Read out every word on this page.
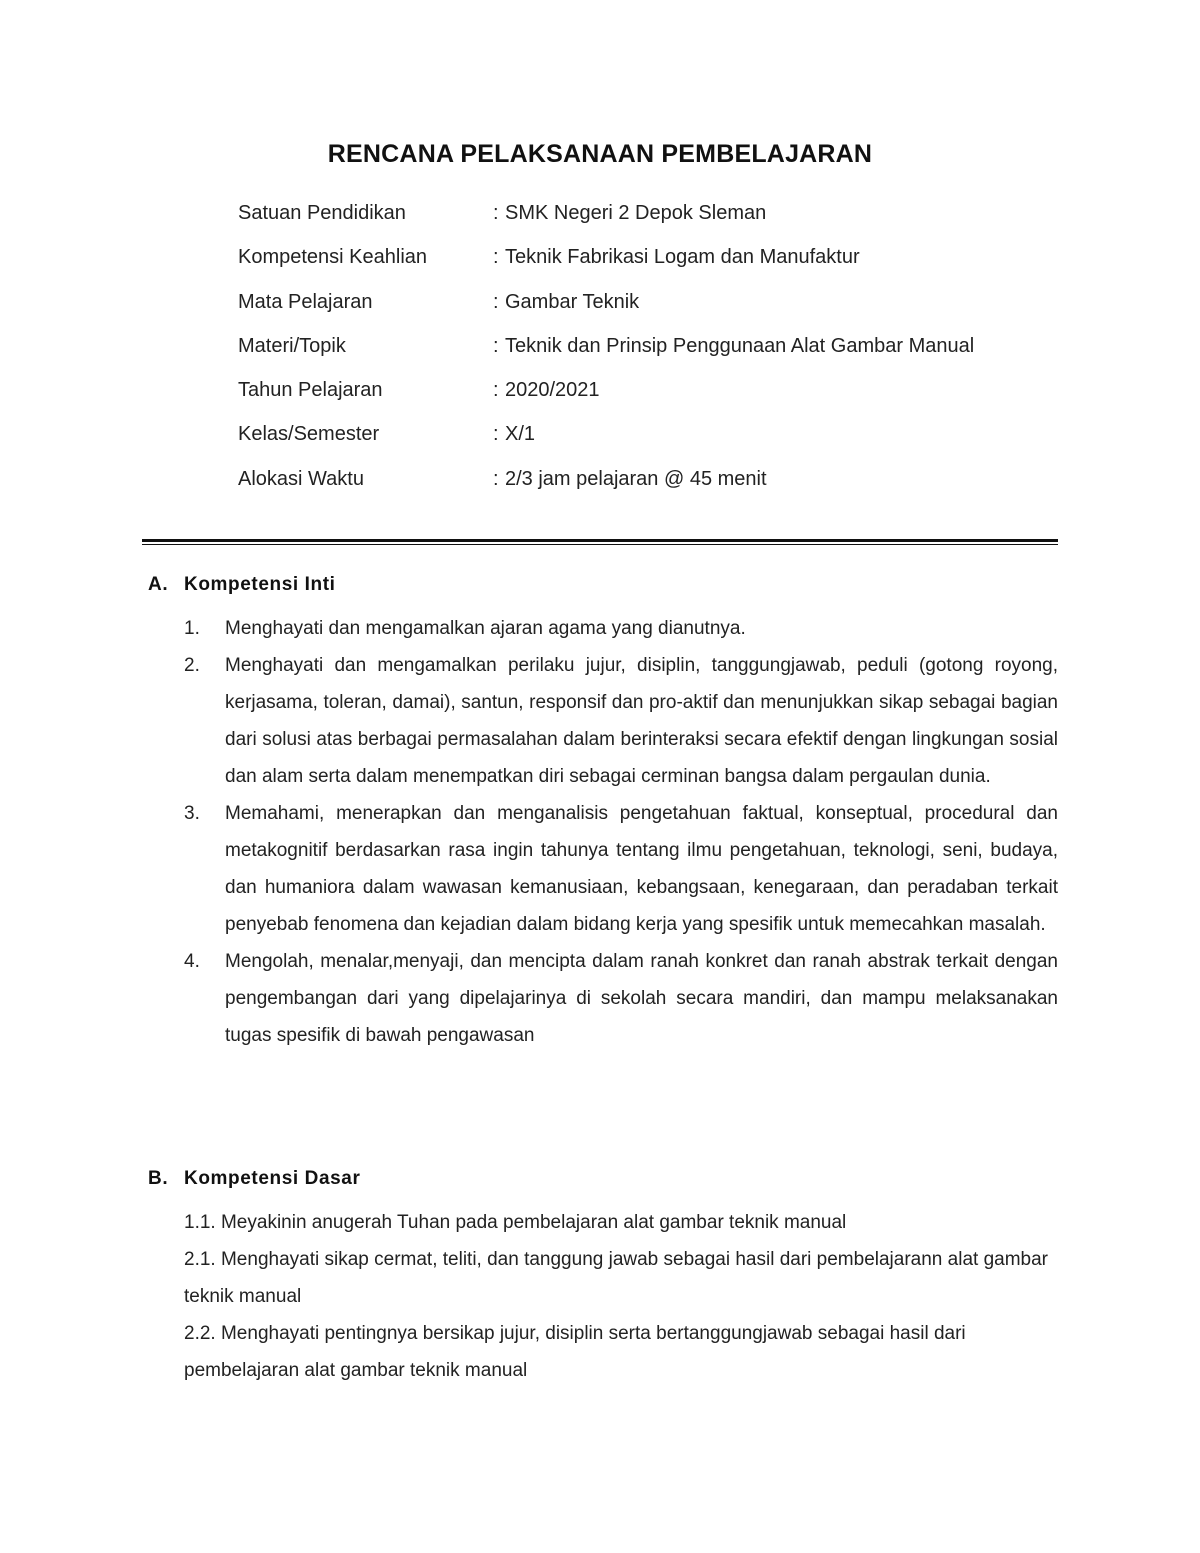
RENCANA PELAKSANAAN PEMBELAJARAN
Satuan Pendidikan	: SMK Negeri 2 Depok Sleman
Kompetensi Keahlian	: Teknik Fabrikasi Logam dan Manufaktur
Mata Pelajaran	: Gambar Teknik
Materi/Topik	: Teknik dan Prinsip Penggunaan Alat Gambar Manual
Tahun Pelajaran	: 2020/2021
Kelas/Semester	: X/1
Alokasi Waktu	: 2/3 jam pelajaran @ 45 menit
A. Kompetensi Inti
1.	Menghayati dan mengamalkan ajaran agama yang dianutnya.
2.	Menghayati dan mengamalkan perilaku jujur, disiplin, tanggungjawab, peduli (gotong royong, kerjasama, toleran, damai), santun, responsif dan pro-aktif dan menunjukkan sikap sebagai bagian dari solusi atas berbagai permasalahan dalam berinteraksi secara efektif dengan lingkungan sosial dan alam serta dalam menempatkan diri sebagai cerminan bangsa dalam pergaulan dunia.
3.	Memahami, menerapkan dan menganalisis pengetahuan faktual, konseptual, procedural dan metakognitif berdasarkan rasa ingin tahunya tentang ilmu pengetahuan, teknologi, seni, budaya, dan humaniora dalam wawasan kemanusiaan, kebangsaan, kenegaraan, dan peradaban terkait penyebab fenomena dan kejadian dalam bidang kerja yang spesifik untuk memecahkan masalah.
4.	Mengolah, menalar,menyaji, dan mencipta dalam ranah konkret dan ranah abstrak terkait dengan pengembangan dari yang dipelajarinya di sekolah secara mandiri, dan mampu melaksanakan tugas spesifik di bawah pengawasan
B. Kompetensi Dasar
1.1. Meyakinin anugerah Tuhan pada pembelajaran alat gambar teknik manual
2.1. Menghayati sikap cermat, teliti, dan tanggung jawab sebagai hasil dari pembelajarann alat gambar teknik manual
2.2. Menghayati pentingnya bersikap jujur, disiplin serta bertanggungjawab sebagai hasil dari pembelajaran alat gambar teknik manual
